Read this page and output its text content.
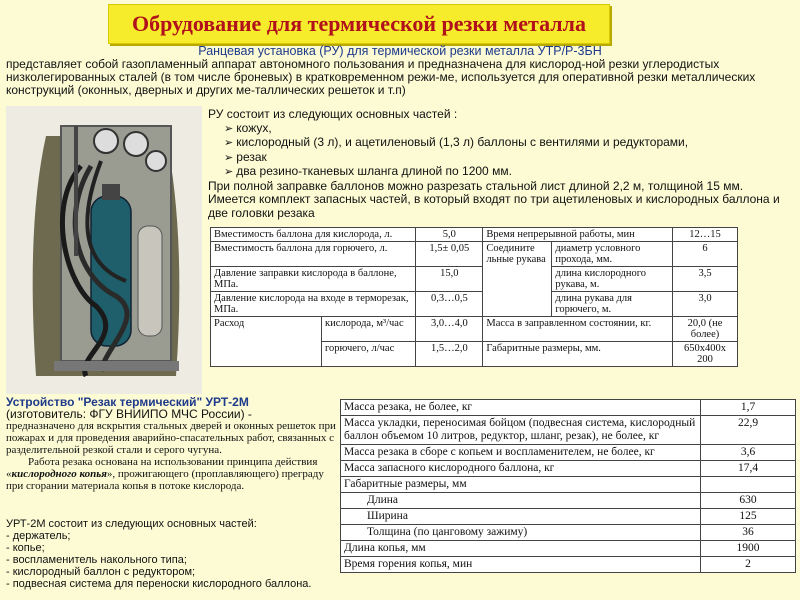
Обрудование для термической резки металла
Ранцевая установка (РУ) для термической резки металла УТР/Р-3БН
представляет собой газопламенный аппарат автономного пользования и предназначена для кислород-ной резки углеродистых низколегированных сталей (в том числе броневых) в кратковременном режи-ме, используется для оперативной резки металлических конструкций (оконных, дверных и других ме-таллических решеток и т.п)
РУ состоит из следующих основных частей :
➢ кожух,
➢ кислородный (3 л), и ацетиленовый (1,3 л) баллоны с вентилями и редукторами,
➢ резак
➢ два резино-тканевых шланга длиной по 1200 мм.

При полной заправке баллонов можно разрезать стальной лист длиной 2,2 м, толщиной 15 мм.

Имеется комплект запасных частей, в который входят по три ацетиленовых и кислородных баллона и две головки резака

Вместимость баллона для кислорода, л.		5,0	Время непрерывной работы, мин		12…15
Вместимость баллона для горючего, л.		1,5± 0,05	Соедините льные рукава	диаметр условного прохода, мм.	6
Давление заправки кислорода в баллоне, МПа.		15,0		длина кислородного рукава, м.	3,5
Давление кислорода на входе в терморезак, МПа.		0,3…0,5		длина рукава для горючего, м.	3,0
Расход	кислорода, м³/час	3,0…4,0	Масса в заправленном состоянии, кг.		20,0 (не более)
	горючего, л/час	1,5…2,0	Габаритные размеры, мм.		650х400х 200
Устройство "Резак термический" УРТ-2М
(изготовитель: ФГУ ВНИИПО МЧС России) -

предназначено для вскрытия стальных дверей и оконных решеток при пожарах и для проведения аварийно-спасательных работ, связанных с разделительной резкой стали и серого чугуна.

Работа резака основана на использовании принципа действия «кислородного копья», прожигающего (проплавляющего) преграду при сгорании материала копья в потоке кислорода.

УРТ-2М состоит из следующих основных частей:
- держатель;
- копье;
- воспламенитель накольного типа;
- кислородный баллон с редуктором;
- подвесная система для переноски кислородного баллона.
Масса резака, не более, кг	1,7
Масса укладки, переносимая бойцом (подвесная система, кислородный баллон объемом 10 литров, редуктор, шланг, резак), не более, кг	22,9
Масса резака в сборе с копьем и воспламенителем, не более, кг	3,6
Масса запасного кислородного баллона, кг	17,4
Габаритные размеры, мм	
Длина	630
Ширина	125
Толщина (по цанговому зажиму)	36
Длина копья, мм	1900
Время горения копья, мин	2
